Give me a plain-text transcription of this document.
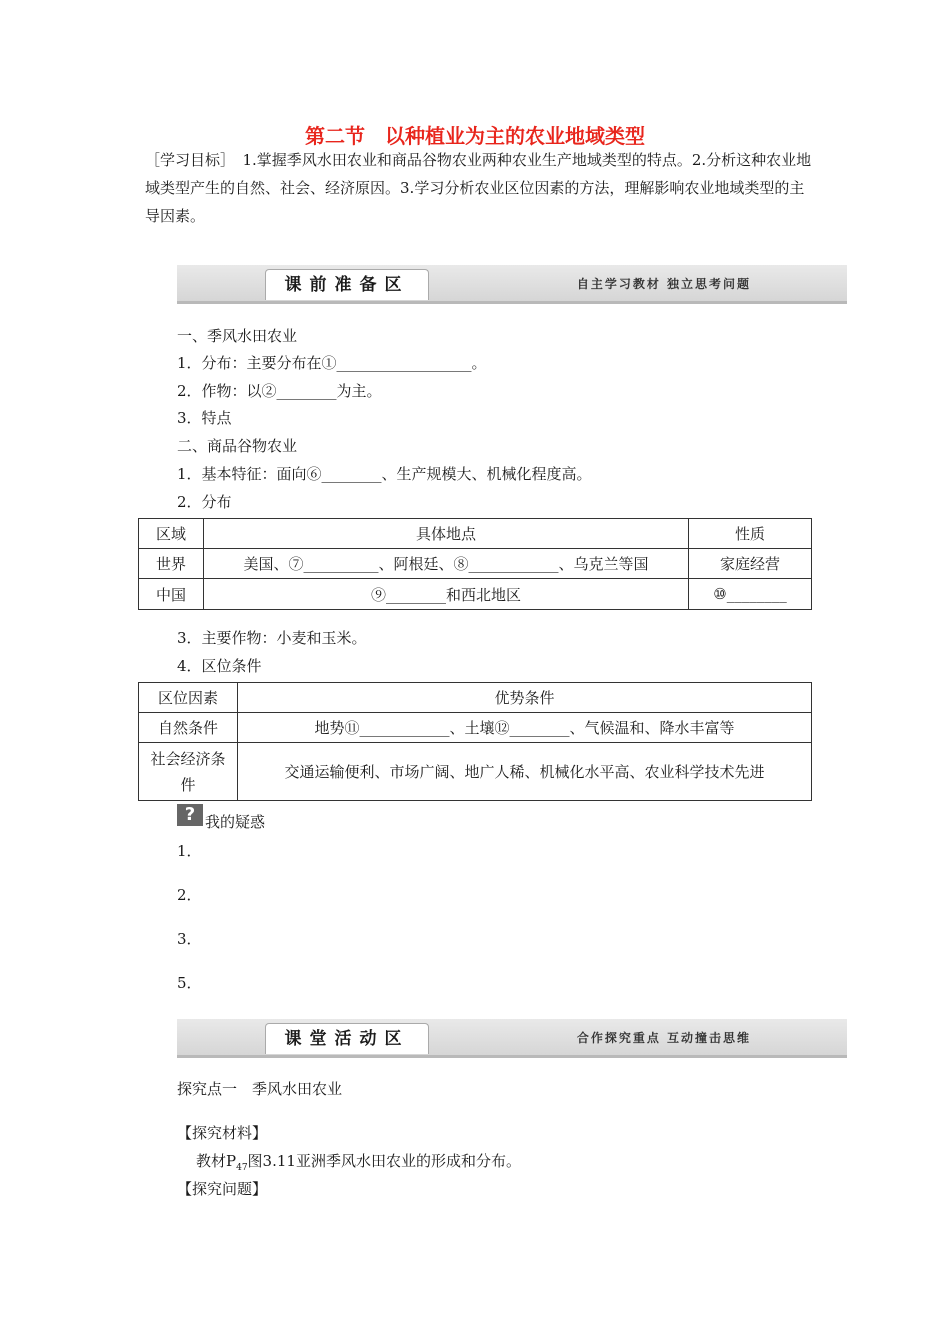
第二节　以种植业为主的农业地域类型
［学习目标］　1.掌握季风水田农业和商品谷物农业两种农业生产地域类型的特点。2.分析这种农业地域类型产生的自然、社会、经济原因。3.学习分析农业区位因素的方法，理解影响农业地域类型的主导因素。
课前准备区	自主学习教材 独立思考问题
一、季风水田农业
1．分布：主要分布在①__________________。
2．作物：以②________为主。
3．特点
二、商品谷物农业
1．基本特征：面向⑥________、生产规模大、机械化程度高。
2．分布
区域	具体地点	性质
世界	美国、⑦__________、阿根廷、⑧____________、乌克兰等国	家庭经营
中国	⑨________和西北地区	⑩________
3．主要作物：小麦和玉米。
4．区位条件
区位因素	优势条件
自然条件	地势⑪____________、土壤⑫________、气候温和、降水丰富等
社会经济条件	交通运输便利、市场广阔、地广人稀、机械化水平高、农业科学技术先进
? 我的疑惑
1．
2．
3．
5．
课堂活动区	合作探究重点 互动撞击思维
探究点一　季风水田农业
【探究材料】
教材$P_{47}$图3.11亚洲季风水田农业的形成和分布。
【探究问题】
